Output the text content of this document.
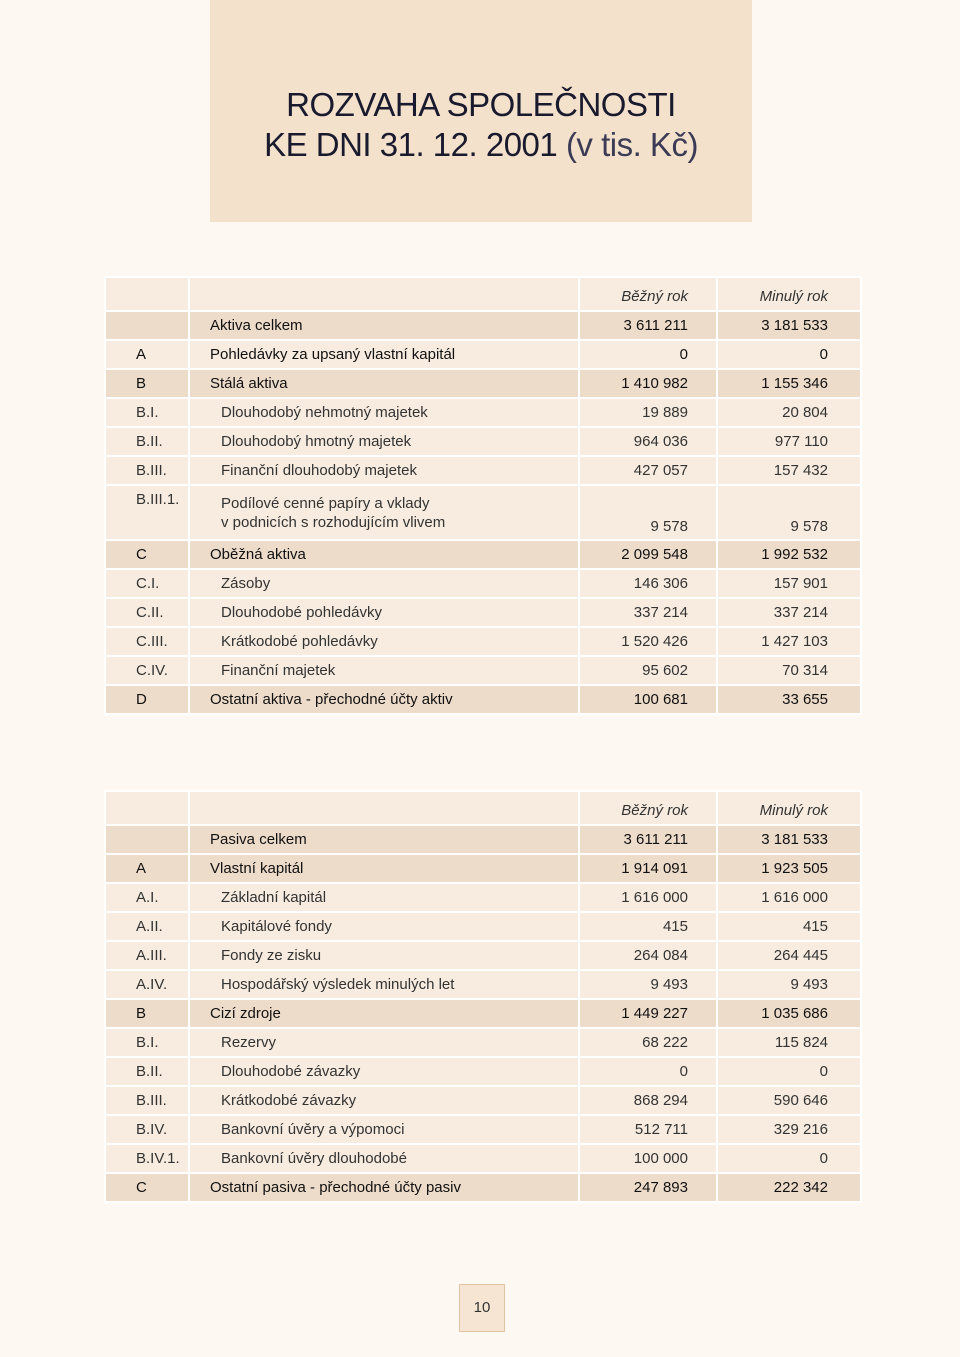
ROZVAHA SPOLEČNOSTI
KE DNI 31. 12. 2001 (v tis. Kč)
		Běžný rok	Minulý rok
	Aktiva celkem	3 611 211	3 181 533
A	Pohledávky za upsaný vlastní kapitál	0	0
B	Stálá aktiva	1 410 982	1 155 346
B.I.	Dlouhodobý nehmotný majetek	19 889	20 804
B.II.	Dlouhodobý hmotný majetek	964 036	977 110
B.III.	Finanční dlouhodobý majetek	427 057	157 432
B.III.1.	Podílové cenné papíry a vklady
v podnicích s rozhodujícím vlivem	9 578	9 578
C	Oběžná aktiva	2 099 548	1 992 532
C.I.	Zásoby	146 306	157 901
C.II.	Dlouhodobé pohledávky	337 214	337 214
C.III.	Krátkodobé pohledávky	1 520 426	1 427 103
C.IV.	Finanční majetek	95 602	70 314
D	Ostatní aktiva - přechodné účty aktiv	100 681	33 655
		Běžný rok	Minulý rok
	Pasiva celkem	3 611 211	3 181 533
A	Vlastní kapitál	1 914 091	1 923 505
A.I.	Základní kapitál	1 616 000	1 616 000
A.II.	Kapitálové fondy	415	415
A.III.	Fondy ze zisku	264 084	264 445
A.IV.	Hospodářský výsledek minulých let	9 493	9 493
B	Cizí zdroje	1 449 227	1 035 686
B.I.	Rezervy	68 222	115 824
B.II.	Dlouhodobé závazky	0	0
B.III.	Krátkodobé závazky	868 294	590 646
B.IV.	Bankovní úvěry a výpomoci	512 711	329 216
B.IV.1.	Bankovní úvěry dlouhodobé	100 000	0
C	Ostatní pasiva - přechodné účty pasiv	247 893	222 342
10
